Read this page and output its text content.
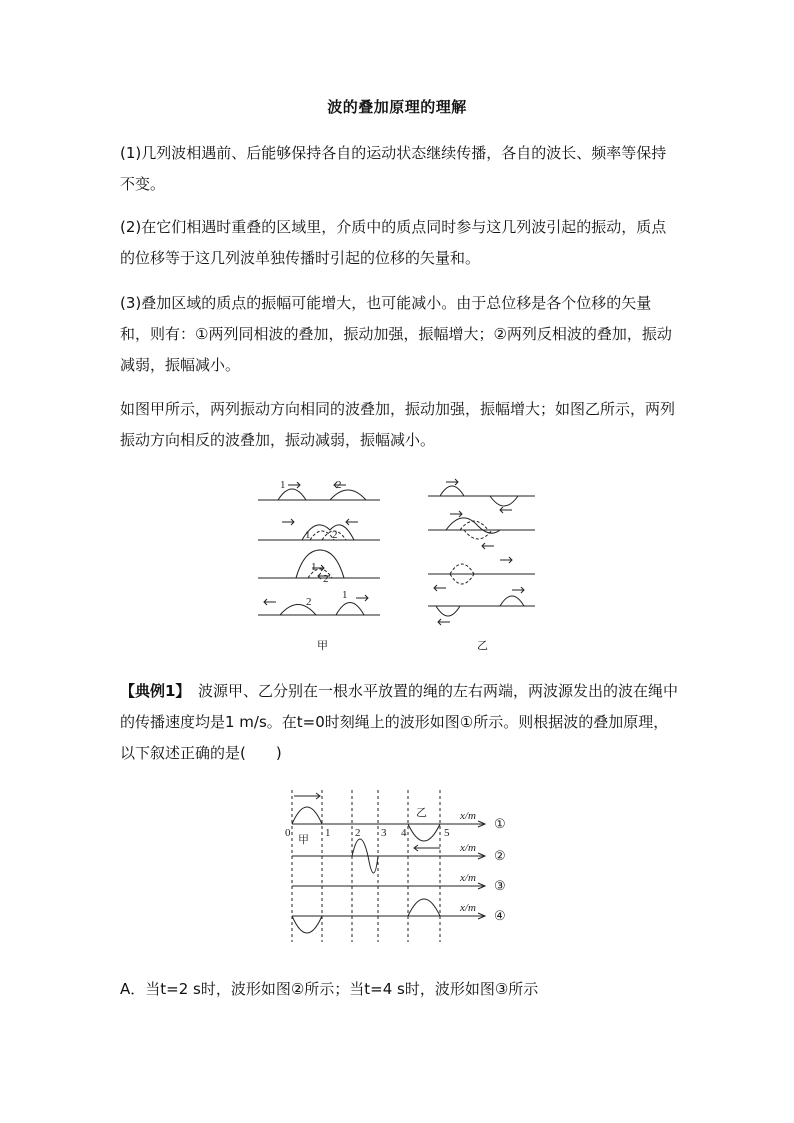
波的叠加原理的理解
(1)几列波相遇前、后能够保持各自的运动状态继续传播，各自的波长、频率等保持不变。
(2)在它们相遇时重叠的区域里，介质中的质点同时参与这几列波引起的振动，质点的位移等于这几列波单独传播时引起的位移的矢量和。
(3)叠加区域的质点的振幅可能增大，也可能减小。由于总位移是各个位移的矢量和，则有：①两列同相波的叠加，振动加强，振幅增大；②两列反相波的叠加，振动减弱，振幅减小。
如图甲所示，两列振动方向相同的波叠加，振动加强，振幅增大；如图乙所示，两列振动方向相反的波叠加，振动减弱，振幅减小。
1	2
1 2
1
2
2
1
甲	乙
【典例1】　波源甲、乙分别在一根水平放置的绳的左右两端，两波源发出的波在绳中的传播速度均是1 m/s。在t=0时刻绳上的波形如图①所示。则根据波的叠加原理，以下叙述正确的是(　　)
0	1 2 3 4	5
甲
乙	x/m
x/m
x/m
x/m
①
②
③
④
A．当t=2 s时，波形如图②所示；当t=4 s时，波形如图③所示
